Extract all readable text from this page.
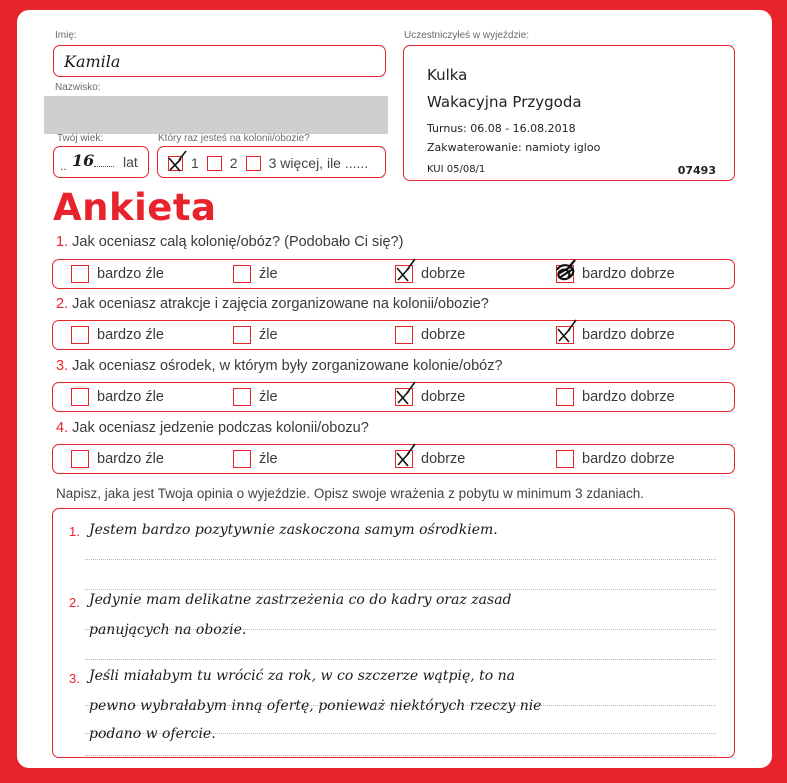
Imię:
Kamila
Nazwisko:
Twój wiek:
.. 16 lat
Który raz jesteś na kolonii/obozie?
1 2 3 więcej, ile ......
Uczestniczyłeś w wyjeździe:
Kulka
Wakacyjna Przygoda
Turnus: 06.08 - 16.08.2018
Zakwaterowanie: namioty igloo
KUI 05/08/1	07493
Ankieta
1. Jak oceniasz calą kolonię/obóz? (Podobało Ci się?)
bardzo źle	źle	dobrze	bardzo dobrze
2. Jak oceniasz atrakcje i zajęcia zorganizowane na kolonii/obozie?
bardzo źle	źle	dobrze	bardzo dobrze
3. Jak oceniasz ośrodek, w którym były zorganizowane kolonie/obóz?
bardzo źle	źle	dobrze	bardzo dobrze
4. Jak oceniasz jedzenie podczas kolonii/obozu?
bardzo źle	źle	dobrze	bardzo dobrze
Napisz, jaka jest Twoja opinia o wyjeździe. Opisz swoje wrażenia z pobytu w minimum 3 zdaniach.
1. Jestem bardzo pozytywnie zaskoczona samym ośrodkiem.
2. Jedynie mam delikatne zastrzeżenia co do kadry oraz zasad
panujących na obozie.
3. Jeśli miałabym tu wrócić za rok, w co szczerze wątpię, to na
pewno wybrałabym inną ofertę, ponieważ niektórych rzeczy nie
podano w ofercie.
